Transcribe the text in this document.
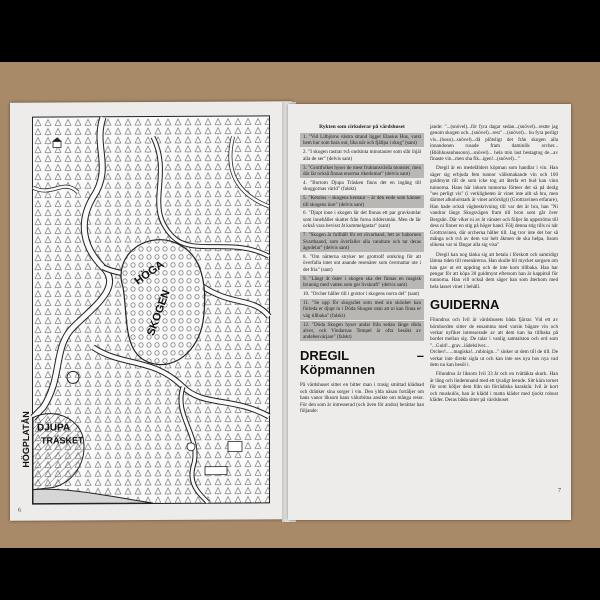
HÖGA
SKOGEN
DJUPA
TRÄSKET
HÖGPLATÅN
6
Rykten som cirkulerar på värdshuset
1. "Vid Lilbjörns västra strand ligger Elasius Hus, varst hem hur som bara out, lika när och fjällpa i skog" (sant)
2. "I skogen rastrar två ondsinta minotaurer som slår ihjäl alla de ser" (delvis sant)
3. "Grottfolket hyser de mest fruktansvärda monster, men där lär också finnas enorma rikedomar" (delvis sant)
4. "Bortom Djupa Träsken finns det en ingång till skuggornas värld" (falskt)
5. "Ketolus – skogens kentaur – är den ende som känner till skogens inre" (delvis sant)
6. "Djupt inne i skogen lär det finnas ett par gravkumlar som innehåller skatter från forna riddersmän. Men de lär också vara bevisst åt kummelgastar" (sant)
7. "Skogen är fullhåll för ett rövarband, lett av habornen Svartbaand, som överfaller alla vandrare och tar deras ägodelar" (delvis sant)
8. "Om nätterna stryker ter grottrolf omkring för att överfalla intet ont anande resenärer som övernattar ute i det fria" (sant)
9. "Långt åt öster i skogen ska det finnas en magisk brunnig med vatten som ger livskraft" (delvis sant)
10. "Orcher håller till i grottor i skogens norra del" (sant)
11. "Se upp för skogsrået som med sin skönhet kan förleda er djupt in i Döda Skogen utan att ni kan finna er väg tillbaka" (falskt)
12. "Döda Skogen hyser andar från sedan länge döda alver, och Vindarnas Tempel är ofta besökt av andebesvärjare" (falskt)
DREGIL – Köpmannen
På värdshuset sitter en bitter man i trasig smittad klädnad och dränker sina sorger i vin. Den ylda näsan fortäljer om hans vanor liksom hans välurbitna ansikte om många resor. För den som är intresserad (och även för andra) berättar han följande:
jande: "...(snövel)...för fyra dagar sedan...(snövel)...restte jag genom skogen och...(snövel)...rest" ...(snövel)... hu fyra perligt vis...(hosn)...snövel)...då plötsligt det från skogen alla innandonen rusade fram daminlik orcher...(Blöhhussnhusonn)...snövel)... hela min last bestagtog de...av finaste vin...men sha fik...igen!...(snövel)..."
Dregil är en medelålders köpman som handlar i vin. Han säger sig erbjuda fem tunnor vällsmakande vin och 100 guldmynt till de som icke tog att återfa ett bud kan vinn tunnorna. Hans här inkom tunnorna förteer det sä på deråg "ses perligt vis" (i verkligheten är vinet inte allt så bra, men därmet alkoholstark är vinet arrörsligt) (Grottravinen erfarare), Han hade också vägbeskrivning till var det är bra, han "Ni vandrar längs Skogsvägen fram till bron som går över Bergsån. Där viker ni av åt vänster och följer ån uppströms till dess ni finner en stig på höger hand. Följ denna stig tills ni når Grottravinen, där orcherna håller till. Jag tror inte det bor så många och två av dem var helt åkmen de ska helpa, lisom slikena var ni fångar alla sig visa"
Dregil kan nog tänka sig att betala i förskott och samtidigt lämna tiden till resenärerna. Han skulle bli mycket sorgsen om han gav ut ett uppdrag och de inte kom tillbaka. Han har pengar för att köpa 30 guldmynt eftersom han är kappitsil för tunnorna. Han vill också dem säger han som återkom med hela lasset vinet i behåll.
GUIDERNA
Filundrus och Ivil är värdshusets båda fjärrar. Vid ett av hörnborden sitter de ensamma med varsin bägare vin och verkar nyfiket intresserade av att dem kan ha tillbaka på bordet mellan sig. De talar i vanlig samtalston och ord som "...Guld!...grav...lädelsilver... Orcher!......magiska!...rubinign..." sinker ut dem till de till. De verkar inte direkt sigla ut och kan inte ses nya hos nya vad dem nu kan besöl i.
Filundrus är liksom Ivil 33 år och en tvättäkta skurk. Han är lång och lindemnand med ett tjvaligt leende. Sitt kära tornet för som höljer dem från sin förrädiska karaktär. Ivil är kort och muskulös, han är klädd i matta kläder med tjockt robust kläder. Deras båda sitter på värdshuset
7
